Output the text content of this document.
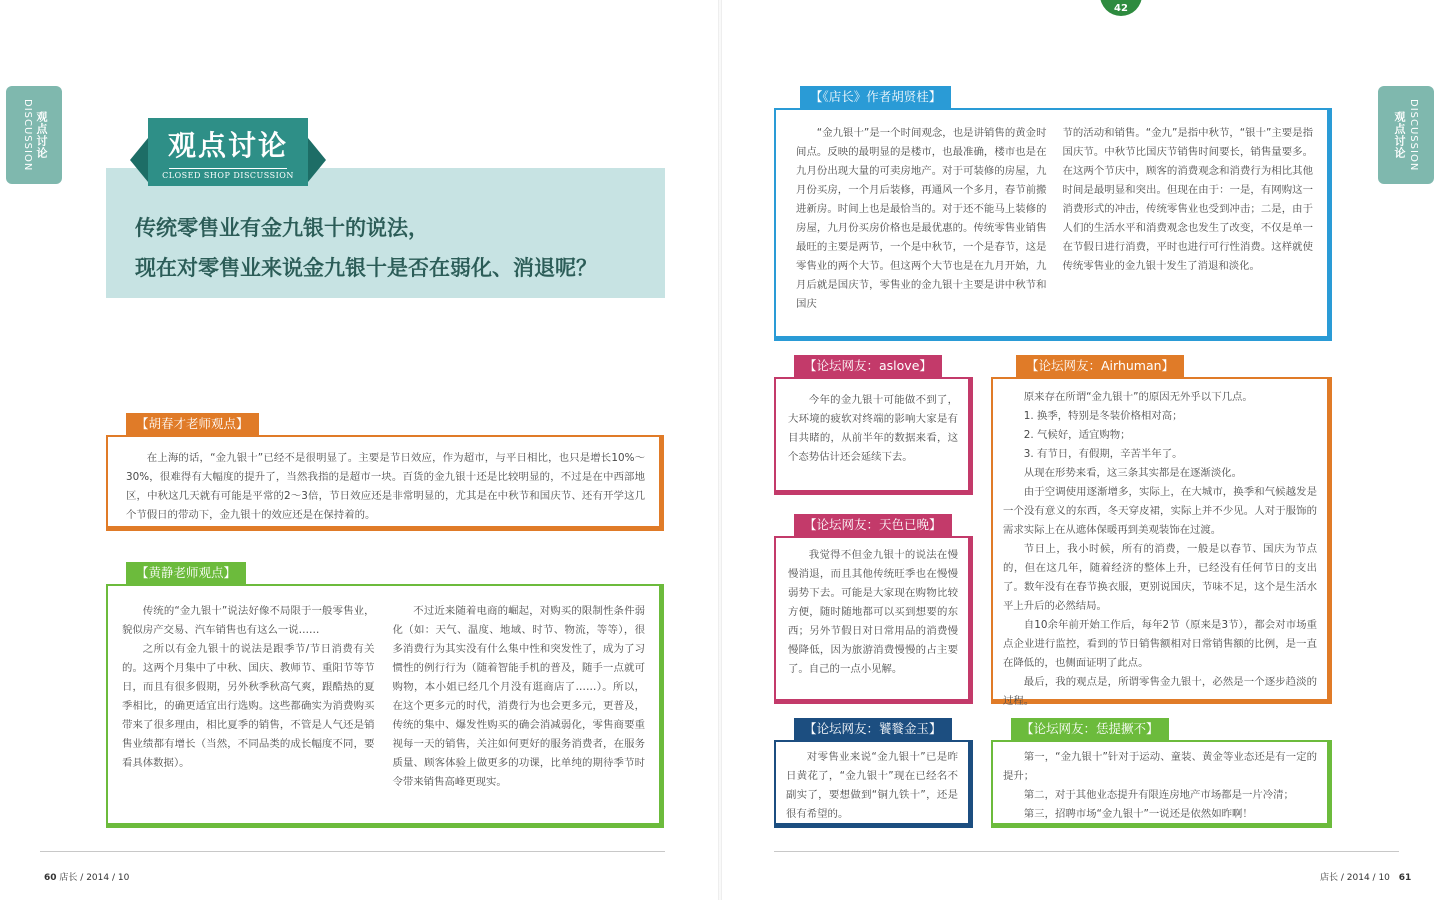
DISCUSSION 观点讨论	观点讨论
CLOSED SHOP DISCUSSION
传统零售业有金九银十的说法，
现在对零售业来说金九银十是否在弱化、消退呢？

在上海的话，“金九银十”已经不是很明显了。主要是节日效应，作为超市，与平日相比，也只是增长10%～30%，很难得有大幅度的提升了，当然我指的是超市一块。百货的金九银十还是比较明显的，不过是在中西部地区，中秋这几天就有可能是平常的2～3倍，节日效应还是非常明显的，尤其是在中秋节和国庆节、还有开学这几个节假日的带动下，金九银十的效应还是在保持着的。

【胡春才老师观点】

传统的“金九银十”说法好像不局限于一般零售业，貌似房产交易、汽车销售也有这么一说……

之所以有金九银十的说法是跟季节/节日消费有关的。这两个月集中了中秋、国庆、教师节、重阳节等节日，而且有很多假期，另外秋季秋高气爽，跟酷热的夏季相比，的确更适宜出行选购。这些都确实为消费购买带来了很多理由，相比夏季的销售，不管是人气还是销售业绩都有增长（当然，不同品类的成长幅度不同，要看具体数据）。

不过近来随着电商的崛起，对购买的限制性条件弱化（如：天气、温度、地域、时节、物流，等等），很多消费行为其实没有什么集中性和突发性了，成为了习惯性的例行行为（随着智能手机的普及，随手一点就可购物，本小姐已经几个月没有逛商店了……）。所以，在这个更多元的时代，消费行为也会更多元，更普及，传统的集中、爆发性购买的确会消减弱化，零售商要重视每一天的销售，关注如何更好的服务消费者，在服务质量、顾客体验上做更多的功课，比单纯的期待季节时令带来销售高峰更现实。

【黄静老师观点】
60 店长 / 2014 / 10
观点讨论 DISCUSSION

“金九银十”是一个时间观念，也是讲销售的黄金时间点。反映的最明显的是楼市，也最准确，楼市也是在九月份出现大量的可卖房地产。对于可装修的房屋，九月份买房，一个月后装修，再通风一个多月，春节前搬进新房。时间上也是最恰当的。对于还不能马上装修的房屋，九月份买房价格也是最优惠的。传统零售业销售最旺的主要是两节，一个是中秋节，一个是春节，这是零售业的两个大节。但这两个大节也是在九月开始，九月后就是国庆节，零售业的金九银十主要是讲中秋节和国庆

节的活动和销售。“金九”是指中秋节，“银十”主要是指国庆节。中秋节比国庆节销售时间要长，销售量要多。在这两个节庆中，顾客的消费观念和消费行为相比其他时间是最明显和突出。但现在由于：一是，有网购这一消费形式的冲击，传统零售业也受到冲击；二是，由于人们的生活水平和消费观念也发生了改变，不仅是单一在节假日进行消费，平时也进行可行性消费。这样就使传统零售业的金九银十发生了消退和淡化。

【《店长》作者胡贤桂】

今年的金九银十可能做不到了，大环境的疲软对终端的影响大家是有目共睹的，从前半年的数据来看，这个态势估计还会延续下去。

【论坛网友：aslove】

我觉得不但金九银十的说法在慢慢消退，而且其他传统旺季也在慢慢弱势下去。可能是大家现在购物比较方便，随时随地都可以买到想要的东西；另外节假日对日常用品的消费慢慢降低，因为旅游消费慢慢的占主要了。自己的一点小见解。

【论坛网友：天色已晚】

对零售业来说“金九银十”已是昨日黄花了，“金九银十”现在已经名不副实了，要想做到“铜九铁十”，还是很有希望的。

【论坛网友：饕餮金玉】

原来存在所谓“金九银十”的原因无外乎以下几点。

1. 换季，特别是冬装价格相对高；

2. 气候好，适宜购物；

3. 有节日，有假期，辛苦半年了。

从现在形势来看，这三条其实都是在逐渐淡化。

由于空调使用逐渐增多，实际上，在大城市，换季和气候越发是一个没有意义的东西，冬天穿皮裙，实际上并不少见。人对于服饰的需求实际上在从遮体保暖再到美观装饰在过渡。

节日上，我小时候，所有的消费，一般是以春节、国庆为节点的，但在这几年，随着经济的整体上升，已经没有任何节日的支出了。数年没有在春节换衣服，更别说国庆，节味不足，这个是生活水平上升后的必然结局。

自10余年前开始工作后，每年2节（原来是3节），都会对市场重点企业进行监控，看到的节日销售额相对日常销售额的比例，是一直在降低的，也侧面证明了此点。

最后，我的观点是，所谓零售金九银十，必然是一个逐步趋淡的过程。

【论坛网友：Airhuman】

第一，“金九银十”针对于运动、童装、黄金等业态还是有一定的提升；

第二，对于其他业态提升有限连房地产市场都是一片冷清；

第三，招聘市场“金九银十”一说还是依然如昨啊！

【论坛网友：恁提撅不】
店长 / 2014 / 10 61
42
